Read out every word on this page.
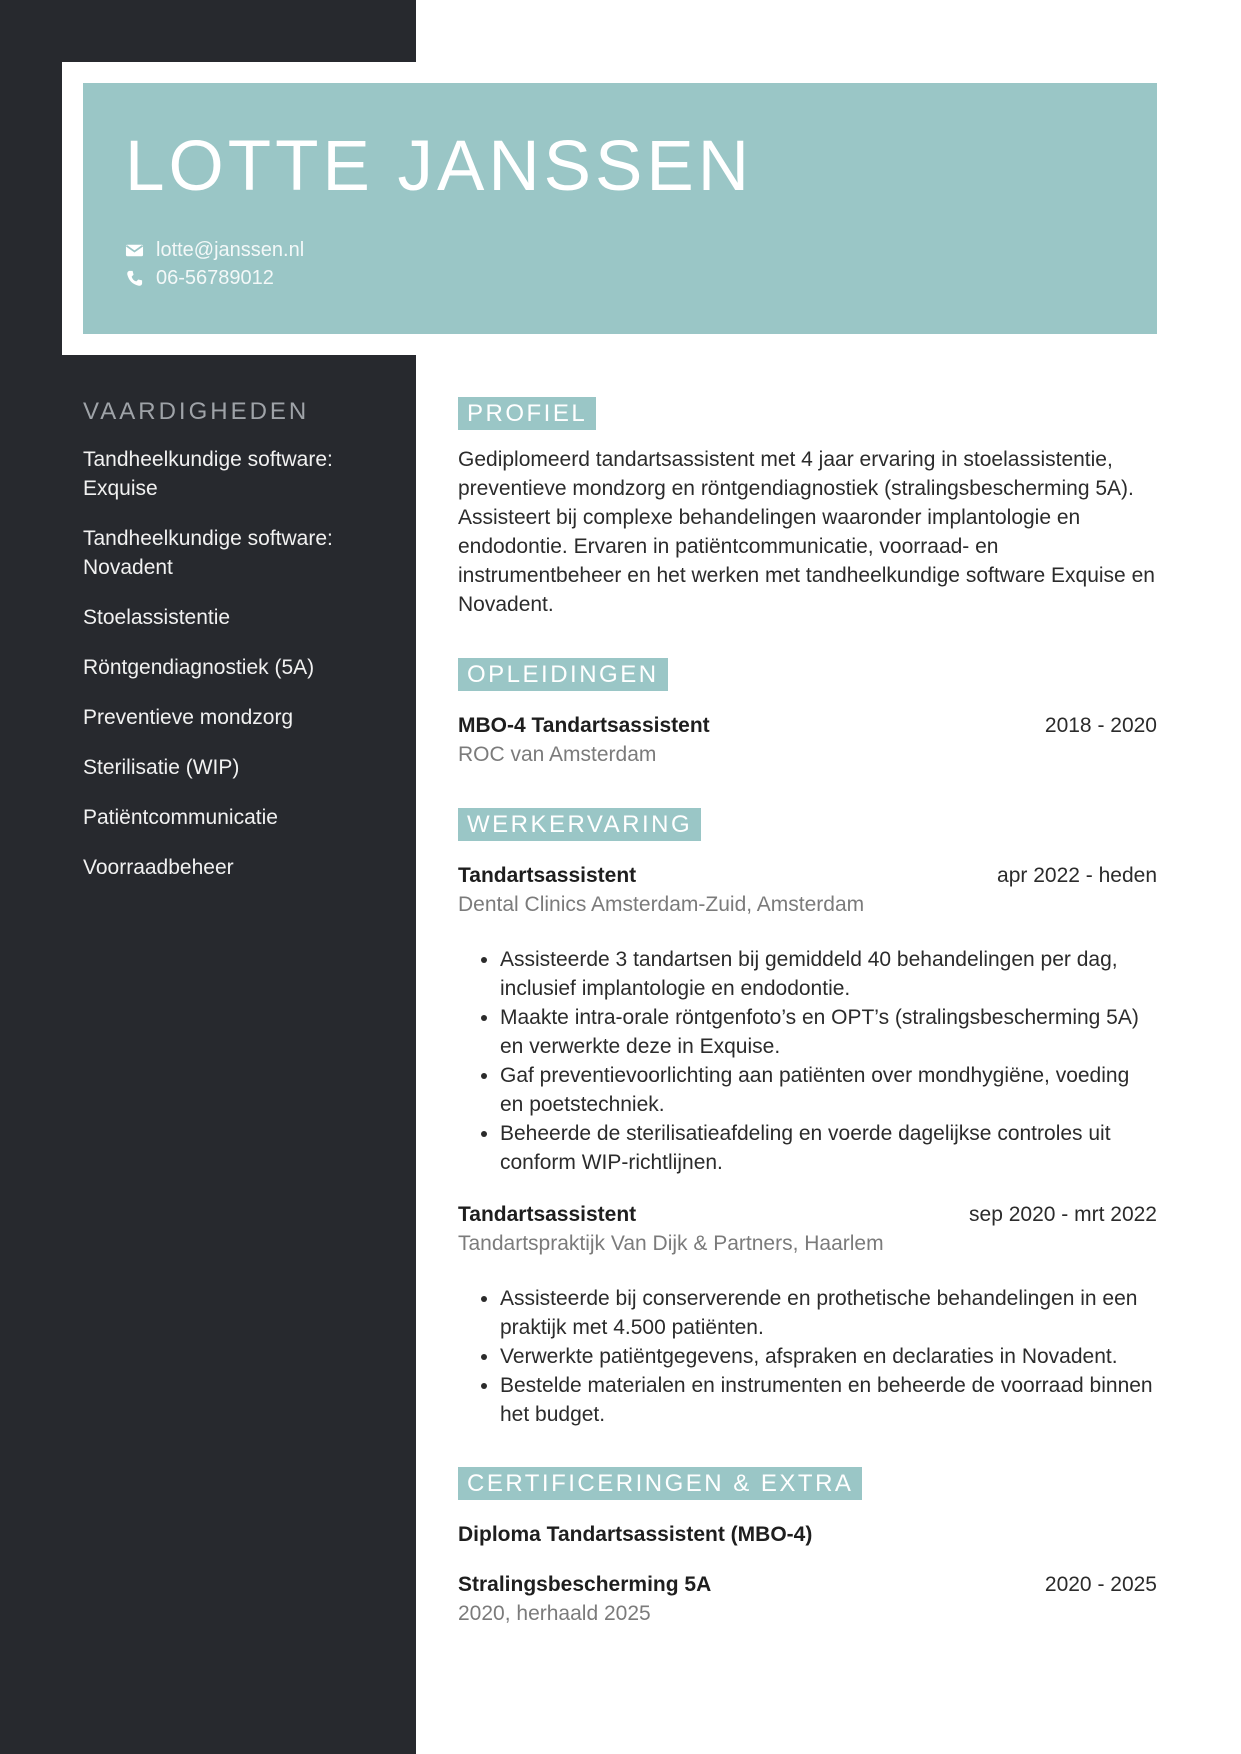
LOTTE JANSSEN
lotte@janssen.nl
06-56789012
VAARDIGHEDEN
Tandheelkundige software: Exquise
Tandheelkundige software: Novadent
Stoelassistentie
Röntgendiagnostiek (5A)
Preventieve mondzorg
Sterilisatie (WIP)
Patiëntcommunicatie
Voorraadbeheer
PROFIEL

Gediplomeerd tandartsassistent met 4 jaar ervaring in stoelassistentie, preventieve mondzorg en röntgendiagnostiek (stralingsbescherming 5A). Assisteert bij complexe behandelingen waaronder implantologie en endodontie. Ervaren in patiëntcommunicatie, voorraad- en instrumentbeheer en het werken met tandheelkundige software Exquise en Novadent.

OPLEIDINGEN
MBO-4 Tandartsassistent	2018 - 2020
ROC van Amsterdam
WERKERVARING
Tandartsassistent	apr 2022 - heden
Dental Clinics Amsterdam-Zuid, Amsterdam
• Assisteerde 3 tandartsen bij gemiddeld 40 behandelingen per dag, inclusief implantologie en endodontie.
• Maakte intra-orale röntgenfoto’s en OPT’s (stralingsbescherming 5A) en verwerkte deze in Exquise.
• Gaf preventievoorlichting aan patiënten over mondhygiëne, voeding en poetstechniek.
• Beheerde de sterilisatieafdeling en voerde dagelijkse controles uit conform WIP-richtlijnen.
Tandartsassistent	sep 2020 - mrt 2022
Tandartspraktijk Van Dijk & Partners, Haarlem
• Assisteerde bij conserverende en prothetische behandelingen in een praktijk met 4.500 patiënten.
• Verwerkte patiëntgegevens, afspraken en declaraties in Novadent.
• Bestelde materialen en instrumenten en beheerde de voorraad binnen het budget.
CERTIFICERINGEN & EXTRA
Diploma Tandartsassistent (MBO-4)
Stralingsbescherming 5A	2020 - 2025
2020, herhaald 2025
